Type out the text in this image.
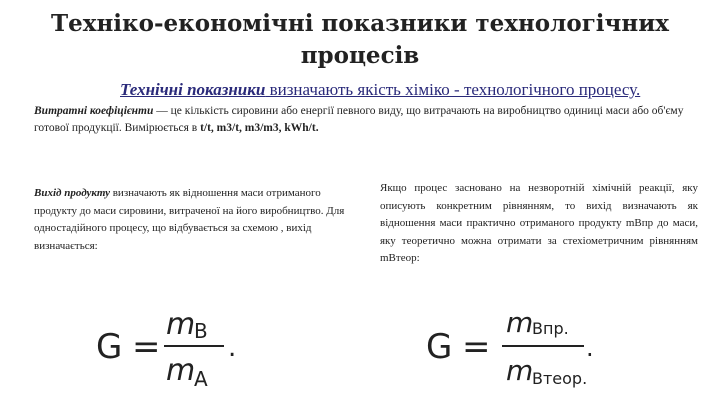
Техніко-економічні показники технологічних процесів
Технічні показники визначають якість хіміко - технологічного процесу.
Витратні коефіцієнти — це кількість сировини або енергії певного виду, що витрачають на виробництво одиниці маси або об'єму готової продукції. Вимірюється в t/t, m3/t, m3/m3, kWh/t.
Вихід продукту визначають як відношення маси отриманого продукту до маси сировини, витраченої на його виробництво. Для одностадійного процесу, що відбувається за схемою , вихід визначається:
Якщо процес засновано на незворотній хімічній реакції, яку описують конкретним рівнянням, то вихід визначають як відношення маси практично отриманого продукту mВпр до маси, яку теоретично можна отримати за стехіометричним рівнянням mВтеор:
G =
m
B
m
A
.	G =
m
Впр.
m
Втеор.
.
